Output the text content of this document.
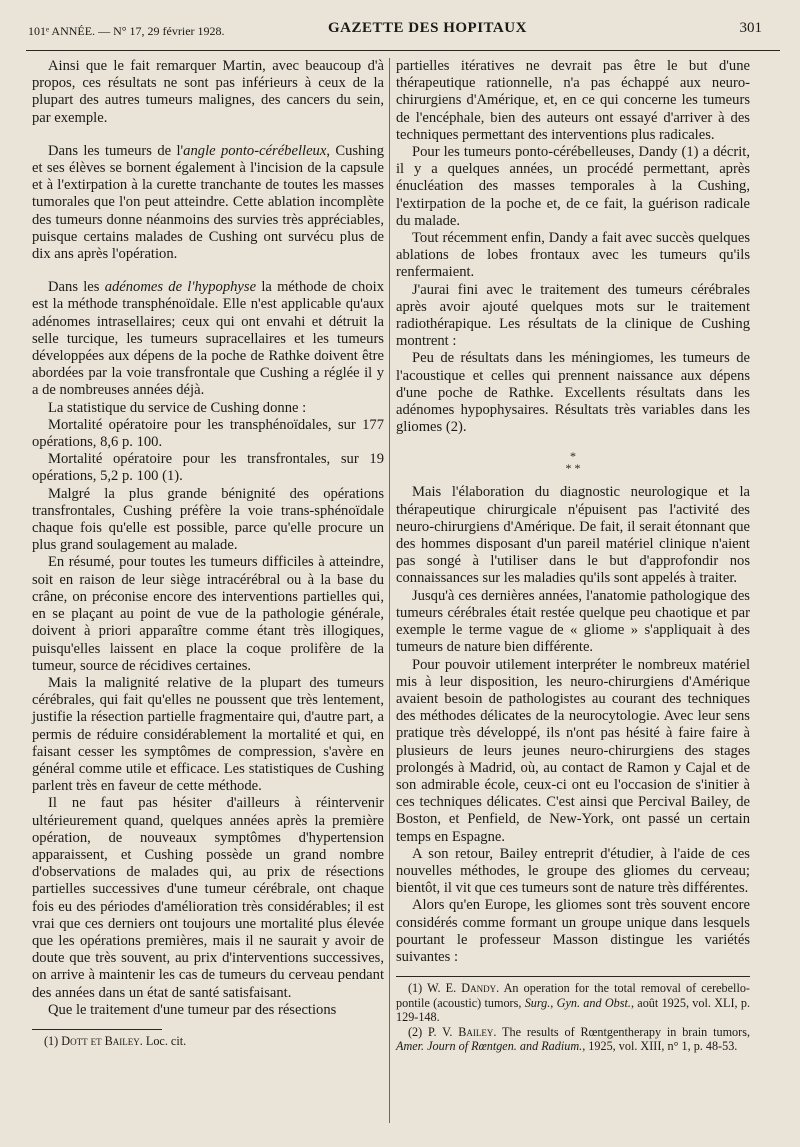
101ᵉ ANNÉE. — N° 17, 29 février 1928.	GAZETTE DES HOPITAUX	301

Ainsi que le fait remarquer Martin, avec beaucoup d'à propos, ces résultats ne sont pas inférieurs à ceux de la plupart des autres tumeurs malignes, des cancers du sein, par exemple.

Dans les tumeurs de l'angle ponto-cérébelleux, Cushing et ses élèves se bornent également à l'incision de la capsule et à l'extirpation à la curette tranchante de toutes les masses tumorales que l'on peut atteindre. Cette ablation incomplète des tumeurs donne néanmoins des survies très appréciables, puisque certains malades de Cushing ont survécu plus de dix ans après l'opération.

Dans les adénomes de l'hypophyse la méthode de choix est la méthode transphénoïdale. Elle n'est applicable qu'aux adénomes intrasellaires; ceux qui ont envahi et détruit la selle turcique, les tumeurs supracellaires et les tumeurs développées aux dépens de la poche de Rathke doivent être abordées par la voie transfrontale que Cushing a réglée il y a de nombreuses années déjà.

La statistique du service de Cushing donne :

Mortalité opératoire pour les transphénoïdales, sur 177 opérations, 8,6 p. 100.

Mortalité opératoire pour les transfrontales, sur 19 opérations, 5,2 p. 100 (1).

Malgré la plus grande bénignité des opérations transfrontales, Cushing préfère la voie trans-sphénoïdale chaque fois qu'elle est possible, parce qu'elle procure un plus grand soulagement au malade.

En résumé, pour toutes les tumeurs difficiles à atteindre, soit en raison de leur siège intracérébral ou à la base du crâne, on préconise encore des interventions partielles qui, en se plaçant au point de vue de la pathologie générale, doivent à priori apparaître comme étant très illogiques, puisqu'elles laissent en place la coque prolifère de la tumeur, source de récidives certaines.

Mais la malignité relative de la plupart des tumeurs cérébrales, qui fait qu'elles ne poussent que très lentement, justifie la résection partielle fragmentaire qui, d'autre part, a permis de réduire considérablement la mortalité et qui, en faisant cesser les symptômes de compression, s'avère en général comme utile et efficace. Les statistiques de Cushing parlent très en faveur de cette méthode.

Il ne faut pas hésiter d'ailleurs à réintervenir ultérieurement quand, quelques années après la première opération, de nouveaux symptômes d'hypertension apparaissent, et Cushing possède un grand nombre d'observations de malades qui, au prix de résections partielles successives d'une tumeur cérébrale, ont chaque fois eu des périodes d'amélioration très considérables; il est vrai que ces derniers ont toujours une mortalité plus élevée que les opérations premières, mais il ne saurait y avoir de doute que très souvent, au prix d'interventions successives, on arrive à maintenir les cas de tumeurs du cerveau pendant des années dans un état de santé satisfaisant.

Que le traitement d'une tumeur par des résections

(1) Dott et Bailey. Loc. cit.

partielles itératives ne devrait pas être le but d'une thérapeutique rationnelle, n'a pas échappé aux neuro-chirurgiens d'Amérique, et, en ce qui concerne les tumeurs de l'encéphale, bien des auteurs ont essayé d'arriver à des techniques permettant des interventions plus radicales.

Pour les tumeurs ponto-cérébelleuses, Dandy (1) a décrit, il y a quelques années, un procédé permettant, après énucléation des masses temporales à la Cushing, l'extirpation de la poche et, de ce fait, la guérison radicale du malade.

Tout récemment enfin, Dandy a fait avec succès quelques ablations de lobes frontaux avec les tumeurs qu'ils renfermaient.

J'aurai fini avec le traitement des tumeurs cérébrales après avoir ajouté quelques mots sur le traitement radiothérapique. Les résultats de la clinique de Cushing montrent :

Peu de résultats dans les méningiomes, les tumeurs de l'acoustique et celles qui prennent naissance aux dépens d'une poche de Rathke. Excellents résultats dans les adénomes hypophysaires. Résultats très variables dans les gliomes (2).

*
* *

Mais l'élaboration du diagnostic neurologique et la thérapeutique chirurgicale n'épuisent pas l'activité des neuro-chirurgiens d'Amérique. De fait, il serait étonnant que des hommes disposant d'un pareil matériel clinique n'aient pas songé à l'utiliser dans le but d'approfondir nos connaissances sur les maladies qu'ils sont appelés à traiter.

Jusqu'à ces dernières années, l'anatomie pathologique des tumeurs cérébrales était restée quelque peu chaotique et par exemple le terme vague de « gliome » s'appliquait à des tumeurs de nature bien différente.

Pour pouvoir utilement interpréter le nombreux matériel mis à leur disposition, les neuro-chirurgiens d'Amérique avaient besoin de pathologistes au courant des techniques des méthodes délicates de la neurocytologie. Avec leur sens pratique très développé, ils n'ont pas hésité à faire faire à plusieurs de leurs jeunes neuro-chirurgiens des stages prolongés à Madrid, où, au contact de Ramon y Cajal et de son admirable école, ceux-ci ont eu l'occasion de s'initier à ces techniques délicates. C'est ainsi que Percival Bailey, de Boston, et Penfield, de New-York, ont passé un certain temps en Espagne.

A son retour, Bailey entreprit d'étudier, à l'aide de ces nouvelles méthodes, le groupe des gliomes du cerveau; bientôt, il vit que ces tumeurs sont de nature très différentes.

Alors qu'en Europe, les gliomes sont très souvent encore considérés comme formant un groupe unique dans lesquels pourtant le professeur Masson distingue les variétés suivantes :

(1) W. E. Dandy. An operation for the total removal of cerebello-pontile (acoustic) tumors, Surg., Gyn. and Obst., août 1925, vol. XLI, p. 129-148.
(2) P. V. Bailey. The results of Rœntgentherapy in brain tumors, Amer. Journ of Rœntgen. and Radium., 1925, vol. XIII, n° 1, p. 48-53.
